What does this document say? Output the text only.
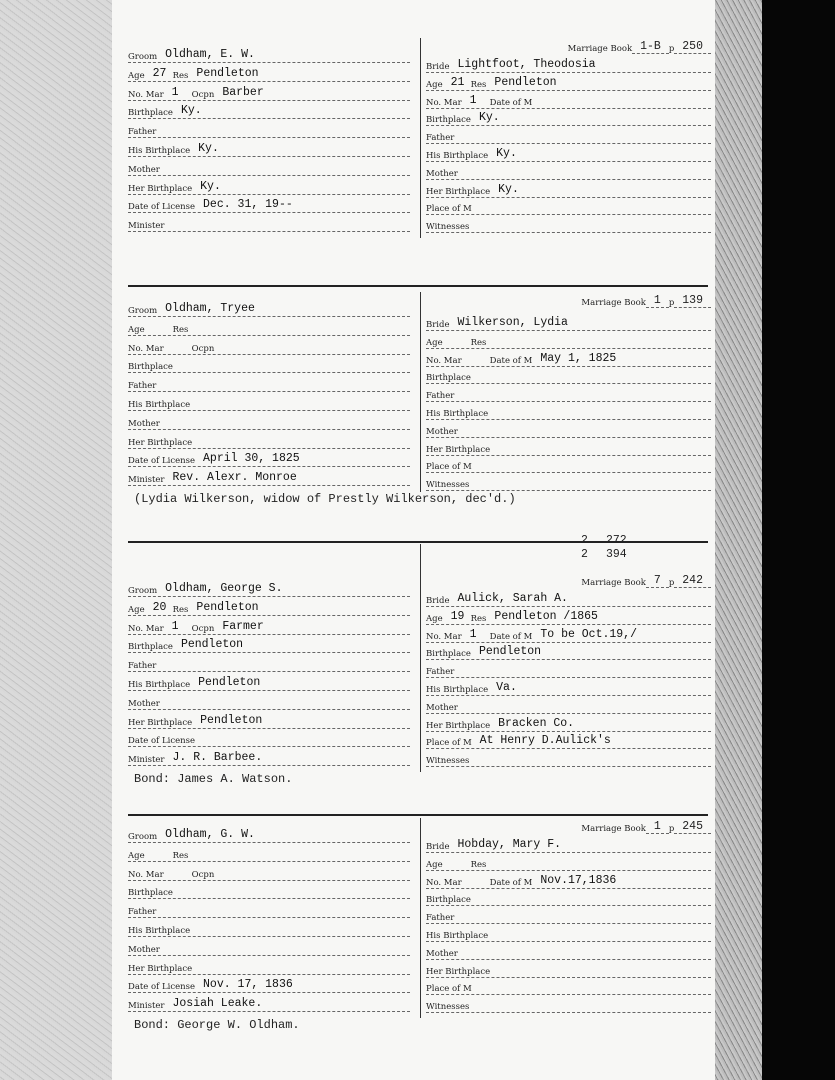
Groom Oldham, E. W.
Age 27 Res Pendleton
No. Mar 1	Ocpn Barber
Birthplace Ky.
Father
His Birthplace Ky.
Mother
Her Birthplace Ky.
Date of License Dec. 31, 19--
Minister
Marriage Book 1-B p 250
Bride Lightfoot, Theodosia
Age 21 Res Pendleton
No. Mar 1	Date of M
Birthplace Ky.
Father
His Birthplace Ky.
Mother
Her Birthplace Ky.
Place of M
Witnesses
Groom Oldham, Tryee
Age	Res
No. Mar	Ocpn
Birthplace
Father
His Birthplace
Mother
Her Birthplace
Date of License April 30, 1825
Minister Rev. Alexr. Monroe
Marriage Book 1 p 139
Bride Wilkerson, Lydia
Age	Res
No. Mar	Date of M May 1, 1825
Birthplace
Father
His Birthplace
Mother
Her Birthplace
Place of M
Witnesses
(Lydia Wilkerson, widow of Prestly Wilkerson, dec'd.)
Groom Oldham, George S.
Age 20 Res Pendleton
No. Mar 1	Ocpn Farmer
Birthplace Pendleton
Father
His Birthplace Pendleton
Mother
Her Birthplace Pendleton
Date of License
Minister J. R. Barbee.
2 272
2 394
Marriage Book 7 p 242
Bride Aulick, Sarah A.
Age 19 Res Pendleton /1865
No. Mar 1	Date of M To be Oct.19,/
Birthplace Pendleton
Father
His Birthplace Va.
Mother
Her Birthplace Bracken Co.
Place of M At Henry D.Aulick's
Witnesses
Bond: James A. Watson.
Groom Oldham, G. W.
Age	Res
No. Mar	Ocpn
Birthplace
Father
His Birthplace
Mother
Her Birthplace
Date of License Nov. 17, 1836
Minister Josiah Leake.
Marriage Book 1 p 245
Bride Hobday, Mary F.
Age	Res
No. Mar	Date of M Nov.17,1836
Birthplace
Father
His Birthplace
Mother
Her Birthplace
Place of M
Witnesses
Bond: George W. Oldham.
